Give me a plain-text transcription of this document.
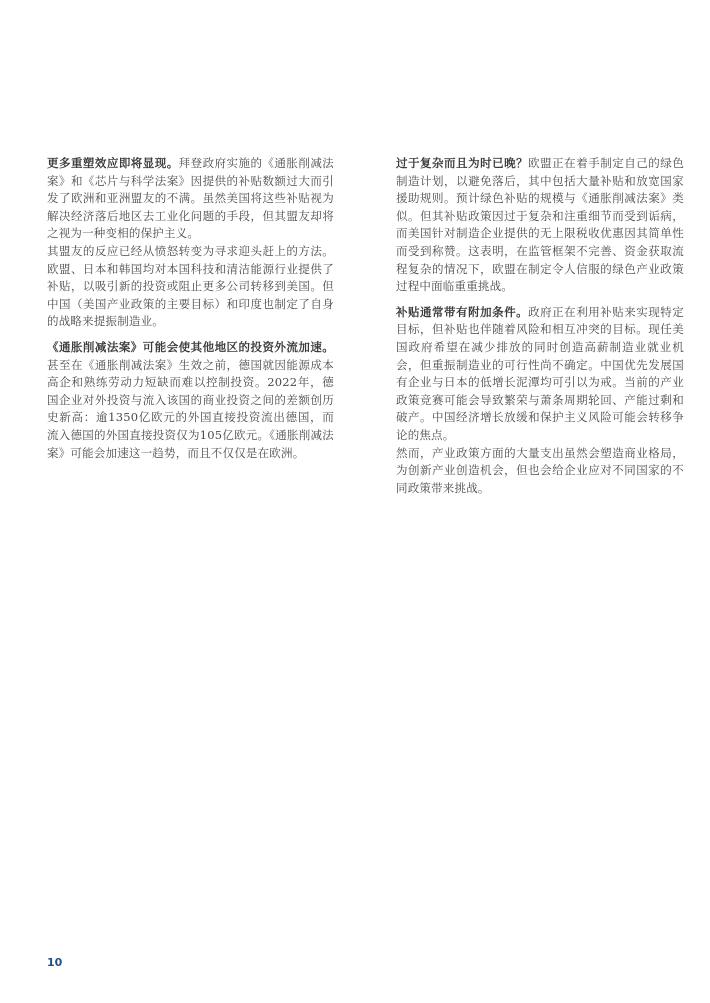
更多重塑效应即将显现。拜登政府实施的《通胀削减法案》和《芯片与科学法案》因提供的补贴数额过大而引发了欧洲和亚洲盟友的不满。虽然美国将这些补贴视为解决经济落后地区去工业化问题的手段，但其盟友却将之视为一种变相的保护主义。

其盟友的反应已经从愤怒转变为寻求迎头赶上的方法。欧盟、日本和韩国均对本国科技和清洁能源行业提供了补贴，以吸引新的投资或阻止更多公司转移到美国。但中国（美国产业政策的主要目标）和印度也制定了自身的战略来提振制造业。

《通胀削减法案》可能会使其他地区的投资外流加速。甚至在《通胀削减法案》生效之前，德国就因能源成本高企和熟练劳动力短缺而难以控制投资。2022年，德国企业对外投资与流入该国的商业投资之间的差额创历史新高：逾1350亿欧元的外国直接投资流出德国，而流入德国的外国直接投资仅为105亿欧元。《通胀削减法案》可能会加速这一趋势，而且不仅仅是在欧洲。

过于复杂而且为时已晚？欧盟正在着手制定自己的绿色制造计划，以避免落后，其中包括大量补贴和放宽国家援助规则。预计绿色补贴的规模与《通胀削减法案》类似。但其补贴政策因过于复杂和注重细节而受到诟病，而美国针对制造企业提供的无上限税收优惠因其简单性而受到称赞。这表明，在监管框架不完善、资金获取流程复杂的情况下，欧盟在制定令人信服的绿色产业政策过程中面临重重挑战。

补贴通常带有附加条件。政府正在利用补贴来实现特定目标，但补贴也伴随着风险和相互冲突的目标。现任美国政府希望在减少排放的同时创造高薪制造业就业机会，但重振制造业的可行性尚不确定。中国优先发展国有企业与日本的低增长泥潭均可引以为戒。当前的产业政策竞赛可能会导致繁荣与萧条周期轮回、产能过剩和破产。中国经济增长放缓和保护主义风险可能会转移争论的焦点。

然而，产业政策方面的大量支出虽然会塑造商业格局，为创新产业创造机会，但也会给企业应对不同国家的不同政策带来挑战。

10
